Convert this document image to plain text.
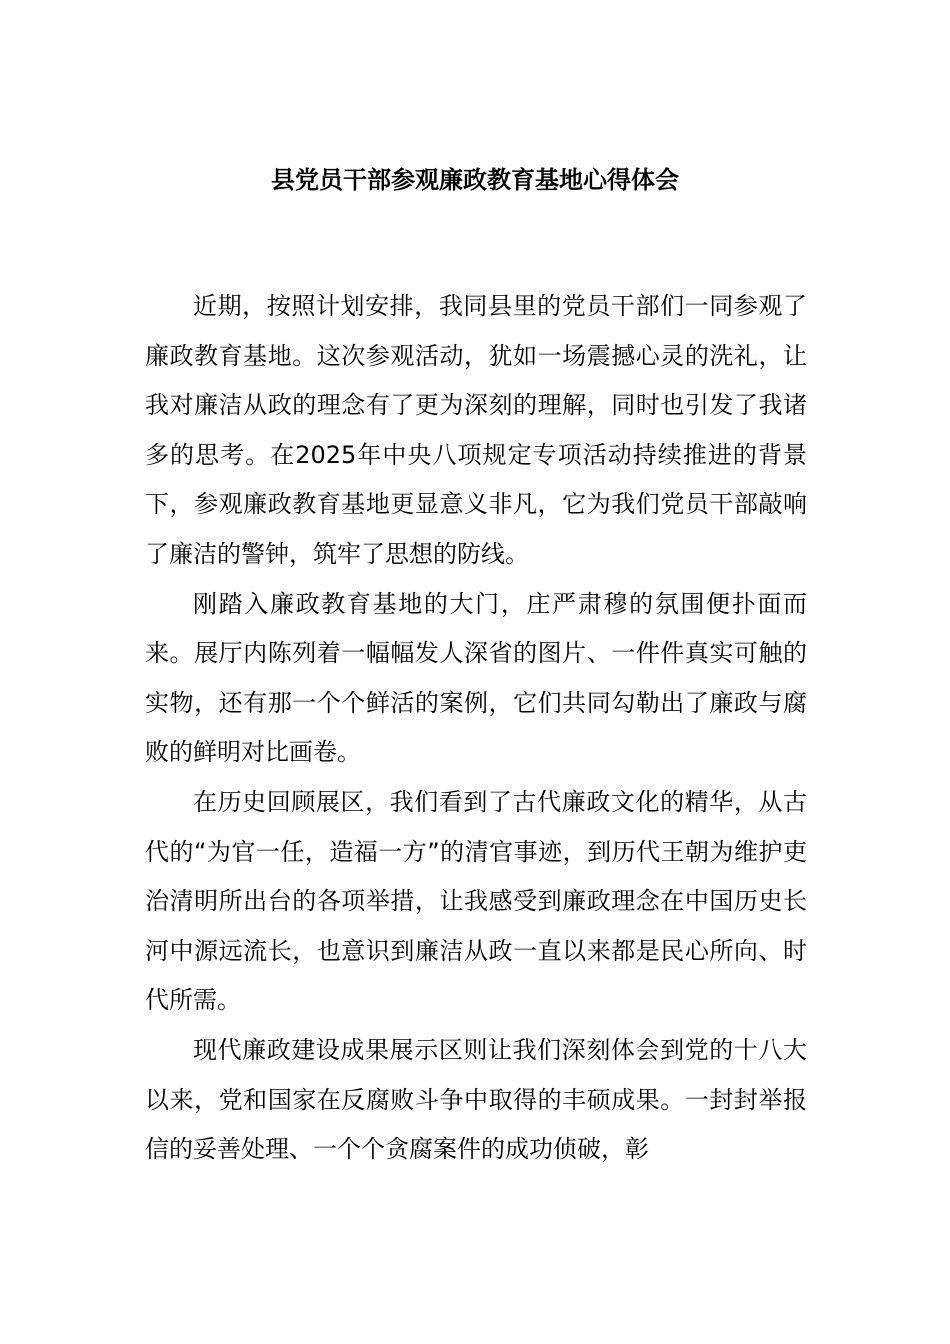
县党员干部参观廉政教育基地心得体会

近期，按照计划安排，我同县里的党员干部们一同参观了廉政教育基地。这次参观活动，犹如一场震撼心灵的洗礼，让我对廉洁从政的理念有了更为深刻的理解，同时也引发了我诸多的思考。在2025年中央八项规定专项活动持续推进的背景下，参观廉政教育基地更显意义非凡，它为我们党员干部敲响了廉洁的警钟，筑牢了思想的防线。

刚踏入廉政教育基地的大门，庄严肃穆的氛围便扑面而来。展厅内陈列着一幅幅发人深省的图片、一件件真实可触的实物，还有那一个个鲜活的案例，它们共同勾勒出了廉政与腐败的鲜明对比画卷。

在历史回顾展区，我们看到了古代廉政文化的精华，从古代的“为官一任，造福一方”的清官事迹，到历代王朝为维护吏治清明所出台的各项举措，让我感受到廉政理念在中国历史长河中源远流长，也意识到廉洁从政一直以来都是民心所向、时代所需。

现代廉政建设成果展示区则让我们深刻体会到党的十八大以来，党和国家在反腐败斗争中取得的丰硕成果。一封封举报信的妥善处理、一个个贪腐案件的成功侦破，彰
